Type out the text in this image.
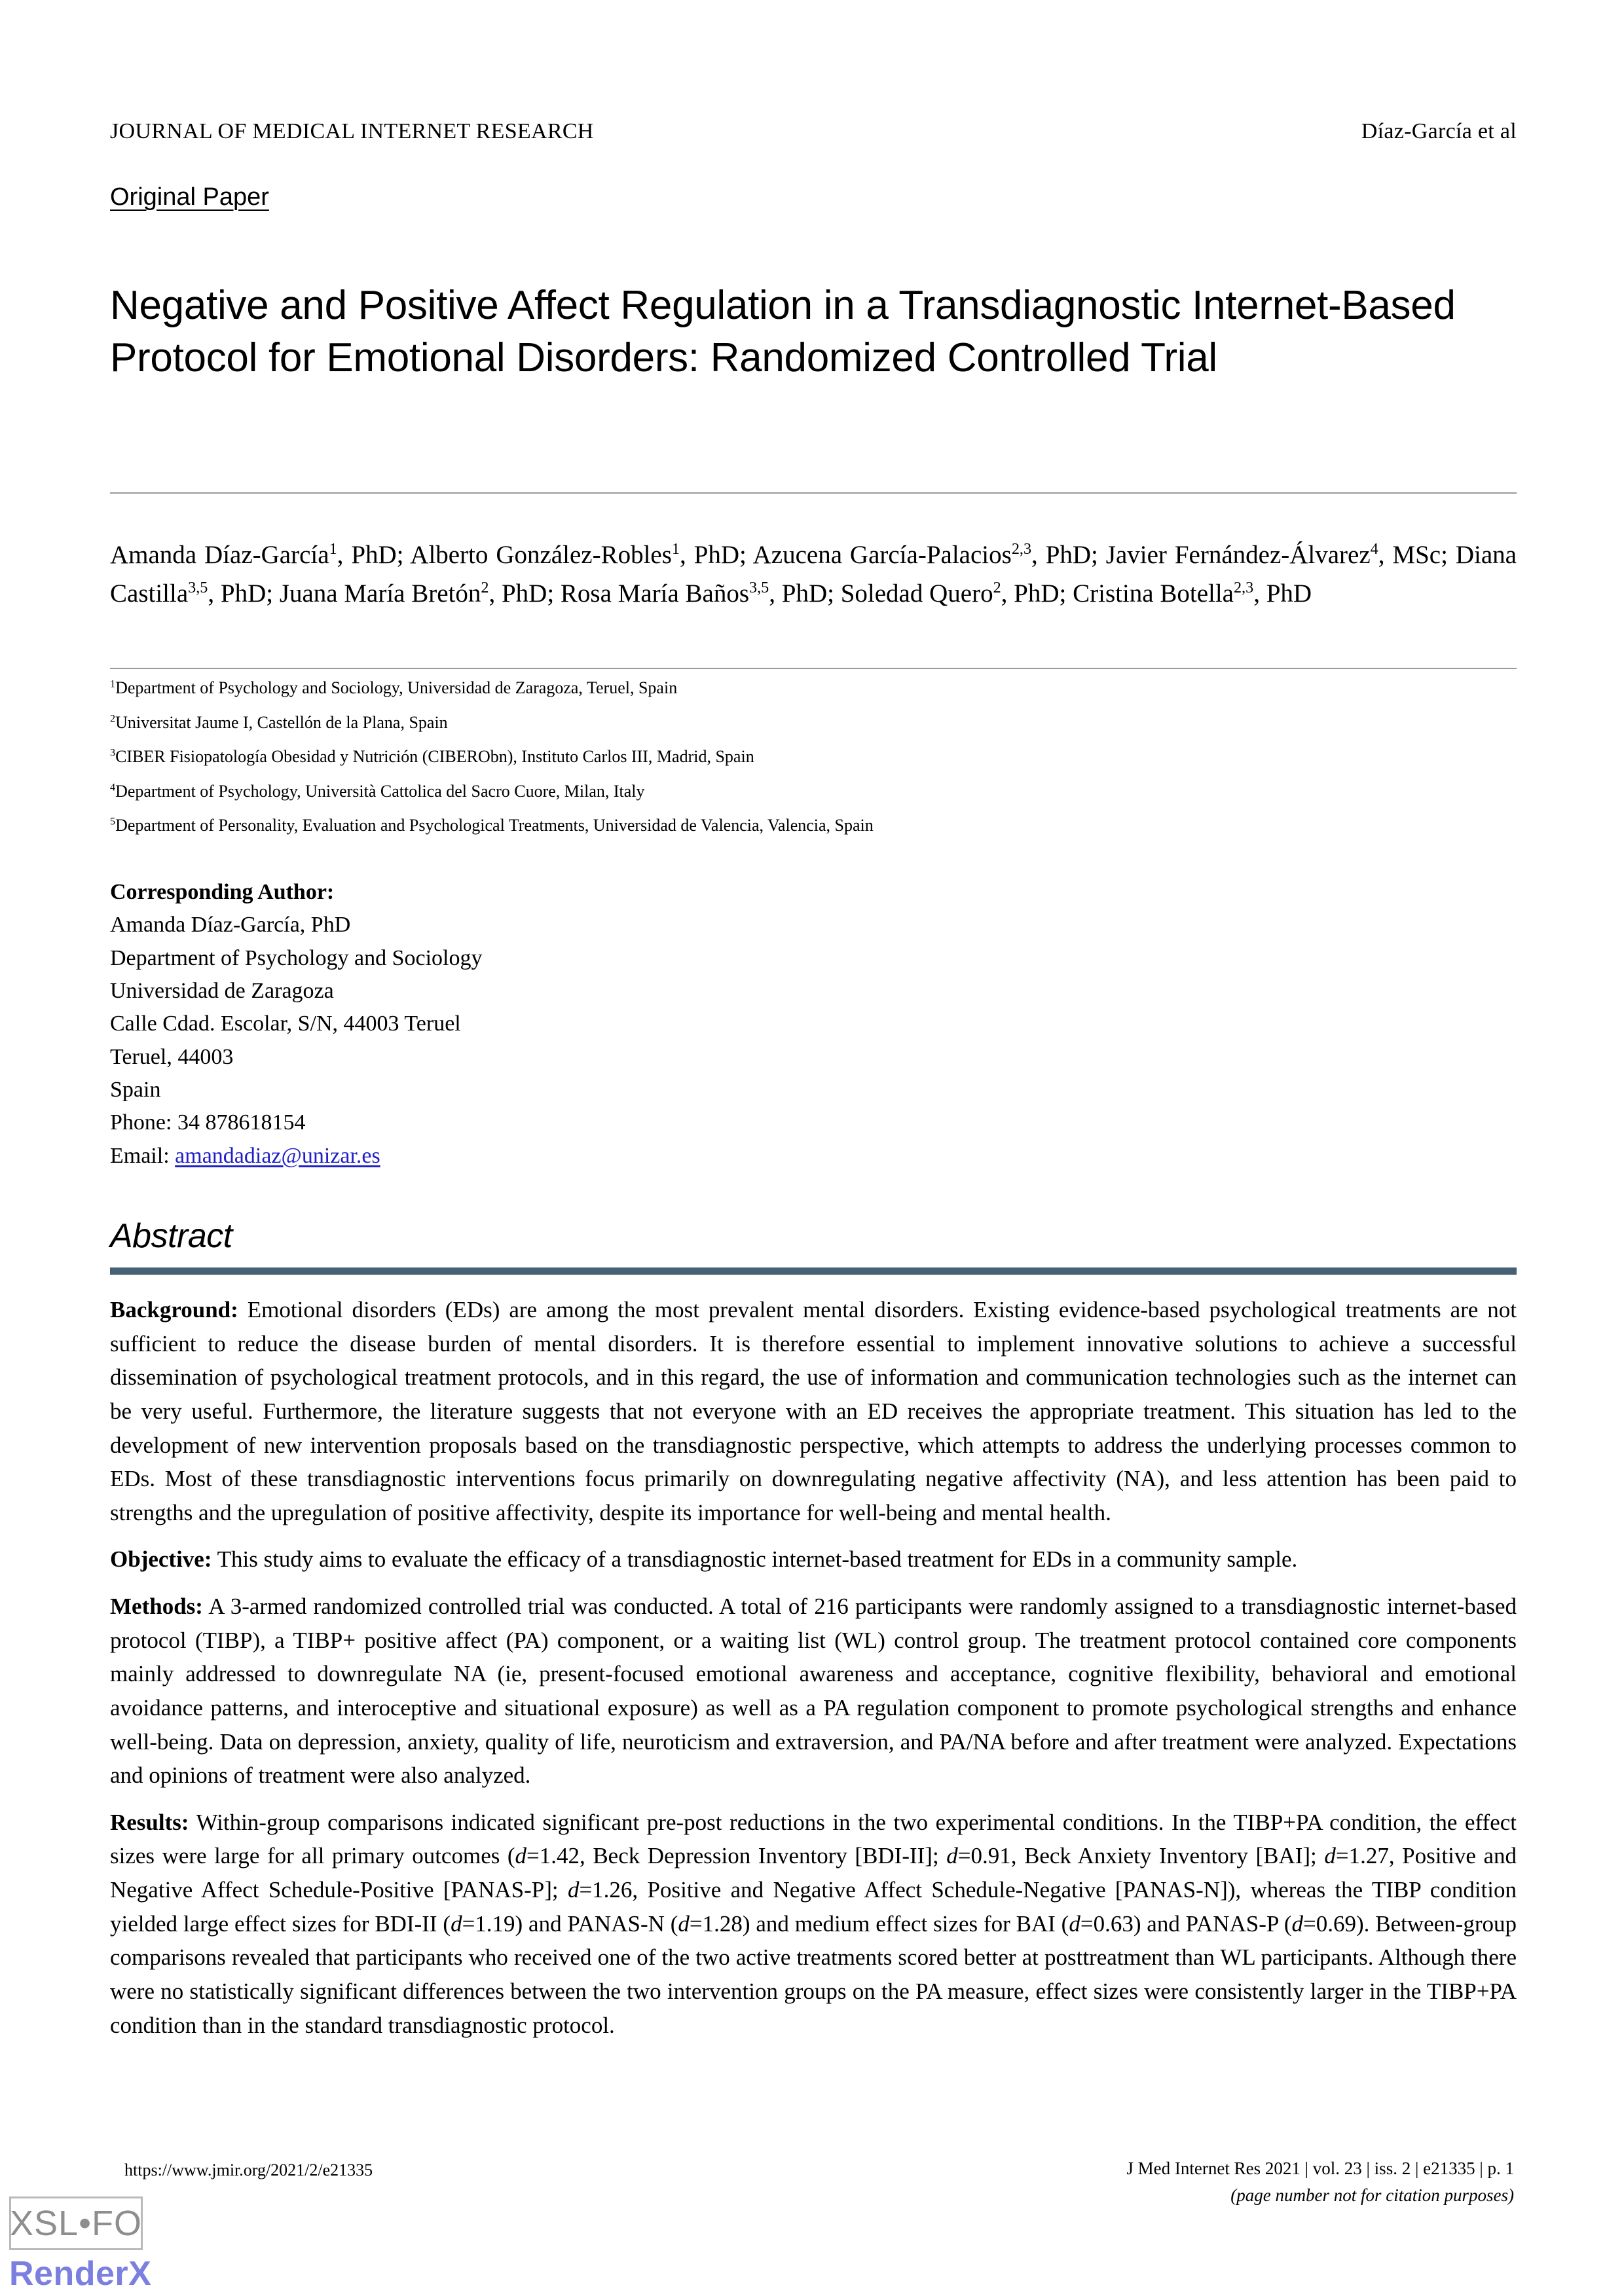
JOURNAL OF MEDICAL INTERNET RESEARCH	Díaz-García et al
Original Paper
Negative and Positive Affect Regulation in a Transdiagnostic Internet-Based Protocol for Emotional Disorders: Randomized Controlled Trial
Amanda Díaz-García$^1$, PhD; Alberto González-Robles$^1$, PhD; Azucena García-Palacios$^{2,3}$, PhD; Javier Fernández-Álvarez$^4$, MSc; Diana Castilla$^{3,5}$, PhD; Juana María Bretón$^2$, PhD; Rosa María Baños$^{3,5}$, PhD; Soledad Quero$^2$, PhD; Cristina Botella$^{2,3}$, PhD
$^1$Department of Psychology and Sociology, Universidad de Zaragoza, Teruel, Spain
$^2$Universitat Jaume I, Castellón de la Plana, Spain
$^3$CIBER Fisiopatología Obesidad y Nutrición (CIBERObn), Instituto Carlos III, Madrid, Spain
$^4$Department of Psychology, Università Cattolica del Sacro Cuore, Milan, Italy
$^5$Department of Personality, Evaluation and Psychological Treatments, Universidad de Valencia, Valencia, Spain
Corresponding Author:
Amanda Díaz-García, PhD
Department of Psychology and Sociology
Universidad de Zaragoza
Calle Cdad. Escolar, S/N, 44003 Teruel
Teruel, 44003
Spain
Phone: 34 878618154
Email: amandadiaz@unizar.es
Abstract

Background: Emotional disorders (EDs) are among the most prevalent mental disorders. Existing evidence-based psychological treatments are not sufficient to reduce the disease burden of mental disorders. It is therefore essential to implement innovative solutions to achieve a successful dissemination of psychological treatment protocols, and in this regard, the use of information and communication technologies such as the internet can be very useful. Furthermore, the literature suggests that not everyone with an ED receives the appropriate treatment. This situation has led to the development of new intervention proposals based on the transdiagnostic perspective, which attempts to address the underlying processes common to EDs. Most of these transdiagnostic interventions focus primarily on downregulating negative affectivity (NA), and less attention has been paid to strengths and the upregulation of positive affectivity, despite its importance for well-being and mental health.

Objective: This study aims to evaluate the efficacy of a transdiagnostic internet-based treatment for EDs in a community sample.

Methods: A 3-armed randomized controlled trial was conducted. A total of 216 participants were randomly assigned to a transdiagnostic internet-based protocol (TIBP), a TIBP+ positive affect (PA) component, or a waiting list (WL) control group. The treatment protocol contained core components mainly addressed to downregulate NA (ie, present-focused emotional awareness and acceptance, cognitive flexibility, behavioral and emotional avoidance patterns, and interoceptive and situational exposure) as well as a PA regulation component to promote psychological strengths and enhance well-being. Data on depression, anxiety, quality of life, neuroticism and extraversion, and PA/NA before and after treatment were analyzed. Expectations and opinions of treatment were also analyzed.

Results: Within-group comparisons indicated significant pre-post reductions in the two experimental conditions. In the TIBP+PA condition, the effect sizes were large for all primary outcomes (d=1.42, Beck Depression Inventory [BDI-II]; d=0.91, Beck Anxiety Inventory [BAI]; d=1.27, Positive and Negative Affect Schedule-Positive [PANAS-P]; d=1.26, Positive and Negative Affect Schedule-Negative [PANAS-N]), whereas the TIBP condition yielded large effect sizes for BDI-II (d=1.19) and PANAS-N (d=1.28) and medium effect sizes for BAI (d=0.63) and PANAS-P (d=0.69). Between-group comparisons revealed that participants who received one of the two active treatments scored better at posttreatment than WL participants. Although there were no statistically significant differences between the two intervention groups on the PA measure, effect sizes were consistently larger in the TIBP+PA condition than in the standard transdiagnostic protocol.

https://www.jmir.org/2021/2/e21335	J Med Internet Res 2021 | vol. 23 | iss. 2 | e21335 | p. 1
(page number not for citation purposes)
XSL•FO
RenderX
